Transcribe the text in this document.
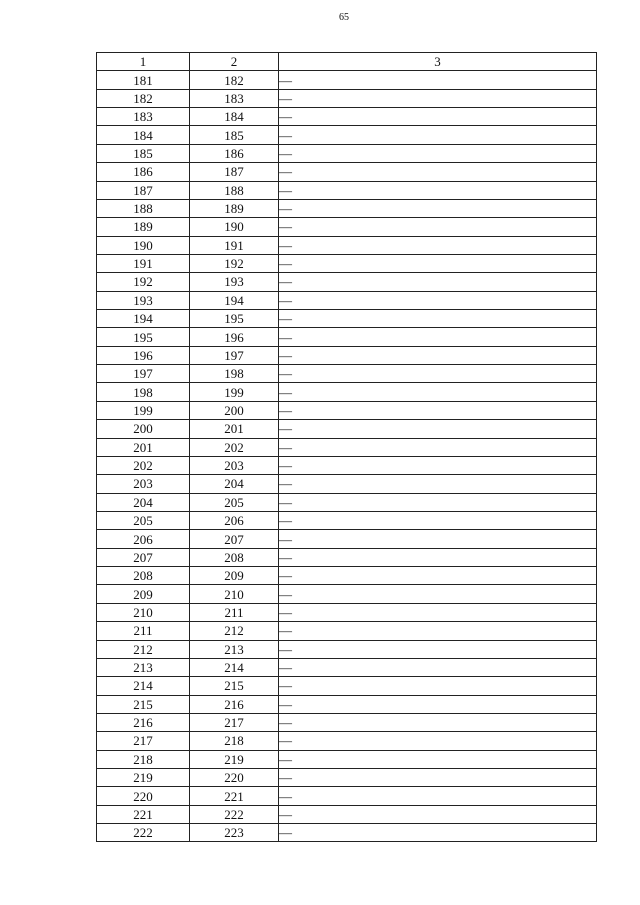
65
1	2	3
181	182	—
182	183	—
183	184	—
184	185	—
185	186	—
186	187	—
187	188	—
188	189	—
189	190	—
190	191	—
191	192	—
192	193	—
193	194	—
194	195	—
195	196	—
196	197	—
197	198	—
198	199	—
199	200	—
200	201	—
201	202	—
202	203	—
203	204	—
204	205	—
205	206	—
206	207	—
207	208	—
208	209	—
209	210	—
210	211	—
211	212	—
212	213	—
213	214	—
214	215	—
215	216	—
216	217	—
217	218	—
218	219	—
219	220	—
220	221	—
221	222	—
222	223	—
